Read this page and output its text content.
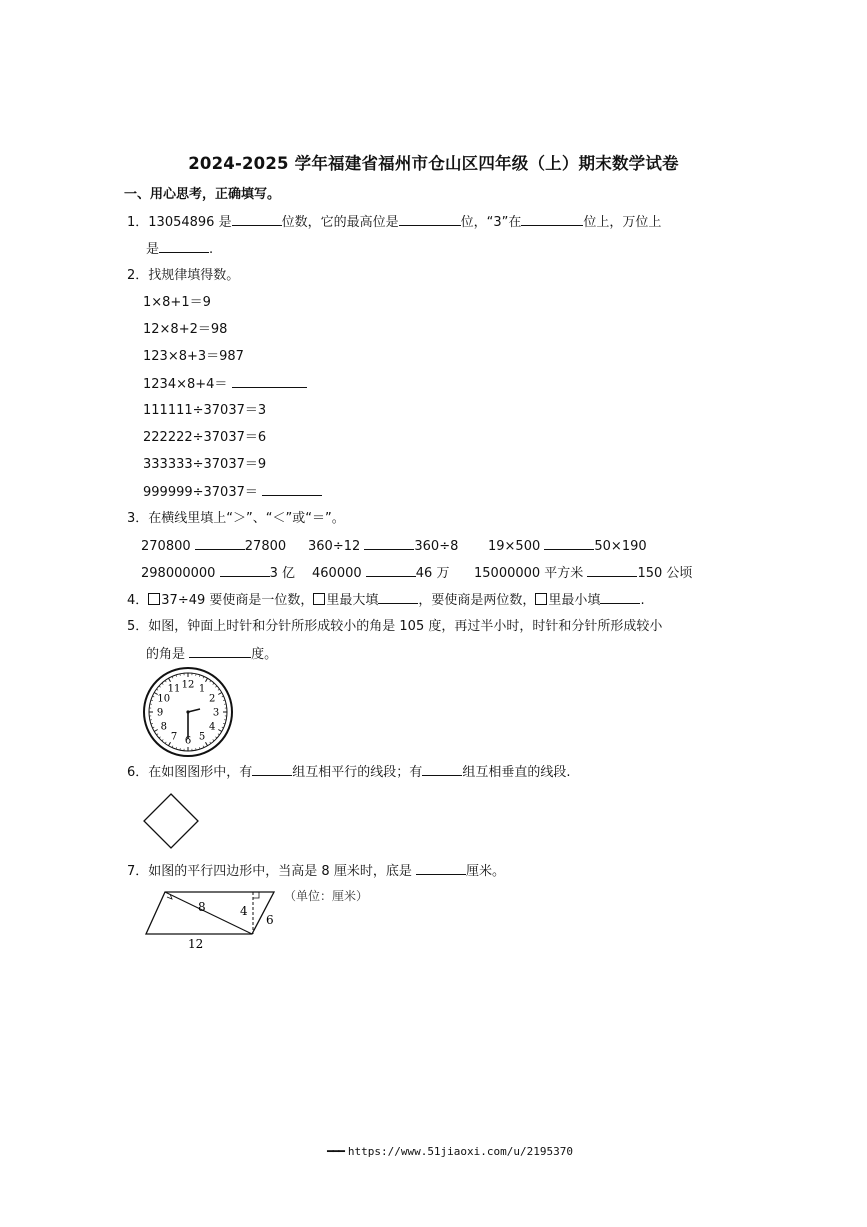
2024-2025 学年福建省福州市仓山区四年级（上）期末数学试卷
一、用心思考，正确填写。
1．13054896 是	位数，它的最高位是	位，“3”在	位上，万位上
是	.
2．找规律填得数。
1×8+1＝9
12×8+2＝98
123×8+3＝987
1234×8+4＝
111111÷37037＝3
222222÷37037＝6
333333÷37037＝9
999999÷37037＝
3．在横线里填上“＞”、“＜”或“＝”。
270800	27800 360÷12	360÷8 19×500	50×190
298000000	3 亿 460000	46 万 15000000 平方米	150 公顷
4． 37÷49 要使商是一位数， 里最大填	，要使商是两位数， 里最小填	.
5．如图，钟面上时针和分针所形成较小的角是 105 度，再过半小时，时针和分针所形成较小
的角是	度。
12 1
2
3
4
5
6
7
8
9
10
11
6．在如图图形中，有	组互相平行的线段；有	组互相垂直的线段.
7．如图的平行四边形中，当高是 8 厘米时，底是	厘米。
8	4
6
12
（单位：厘米）
━━━ https://www.51jiaoxi.com/u/2195370
